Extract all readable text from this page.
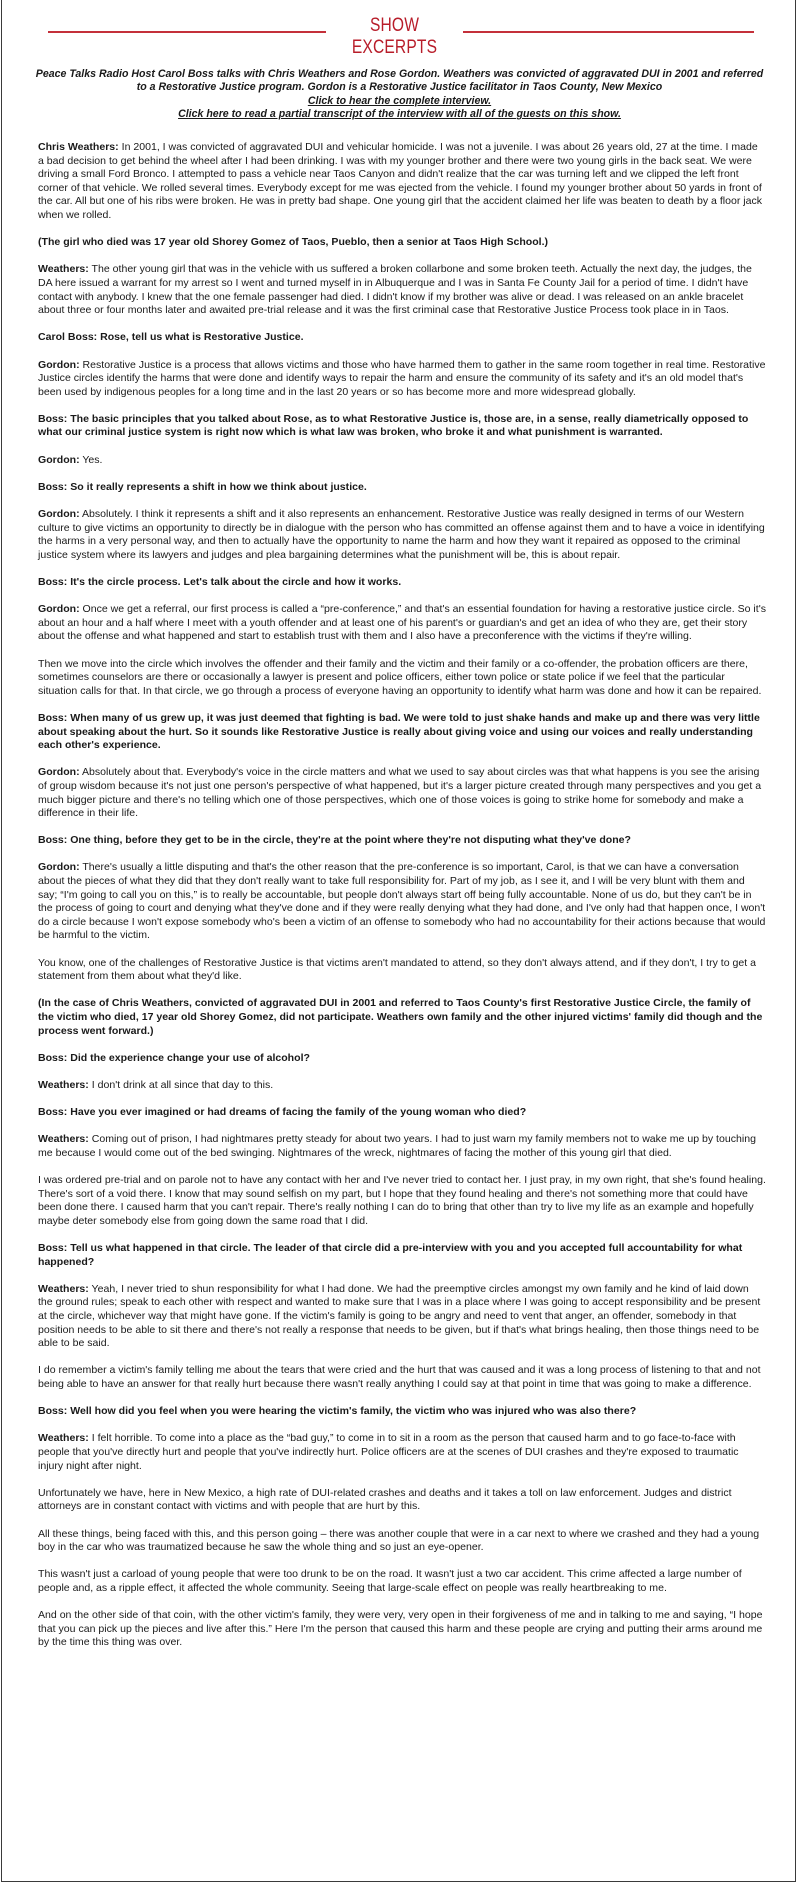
SHOW EXCERPTS
Peace Talks Radio Host Carol Boss talks with Chris Weathers and Rose Gordon. Weathers was convicted of aggravated DUI in 2001 and referred to a Restorative Justice program. Gordon is a Restorative Justice facilitator in Taos County, New Mexico
Click to hear the complete interview.
Click here to read a partial transcript of the interview with all of the guests on this show.

Chris Weathers: In 2001, I was convicted of aggravated DUI and vehicular homicide. I was not a juvenile. I was about 26 years old, 27 at the time. I made a bad decision to get behind the wheel after I had been drinking. I was with my younger brother and there were two young girls in the back seat. We were driving a small Ford Bronco. I attempted to pass a vehicle near Taos Canyon and didn't realize that the car was turning left and we clipped the left front corner of that vehicle. We rolled several times. Everybody except for me was ejected from the vehicle. I found my younger brother about 50 yards in front of the car. All but one of his ribs were broken. He was in pretty bad shape. One young girl that the accident claimed her life was beaten to death by a floor jack when we rolled.

(The girl who died was 17 year old Shorey Gomez of Taos, Pueblo, then a senior at Taos High School.)

Weathers: The other young girl that was in the vehicle with us suffered a broken collarbone and some broken teeth. Actually the next day, the judges, the DA here issued a warrant for my arrest so I went and turned myself in in Albuquerque and I was in Santa Fe County Jail for a period of time. I didn't have contact with anybody. I knew that the one female passenger had died. I didn't know if my brother was alive or dead. I was released on an ankle bracelet about three or four months later and awaited pre-trial release and it was the first criminal case that Restorative Justice Process took place in in Taos.

Carol Boss: Rose, tell us what is Restorative Justice.

Gordon: Restorative Justice is a process that allows victims and those who have harmed them to gather in the same room together in real time. Restorative Justice circles identify the harms that were done and identify ways to repair the harm and ensure the community of its safety and it's an old model that's been used by indigenous peoples for a long time and in the last 20 years or so has become more and more widespread globally.

Boss: The basic principles that you talked about Rose, as to what Restorative Justice is, those are, in a sense, really diametrically opposed to what our criminal justice system is right now which is what law was broken, who broke it and what punishment is warranted.

Gordon: Yes.

Boss: So it really represents a shift in how we think about justice.

Gordon: Absolutely. I think it represents a shift and it also represents an enhancement. Restorative Justice was really designed in terms of our Western culture to give victims an opportunity to directly be in dialogue with the person who has committed an offense against them and to have a voice in identifying the harms in a very personal way, and then to actually have the opportunity to name the harm and how they want it repaired as opposed to the criminal justice system where its lawyers and judges and plea bargaining determines what the punishment will be, this is about repair.

Boss: It's the circle process. Let's talk about the circle and how it works.

Gordon: Once we get a referral, our first process is called a “pre-conference,” and that's an essential foundation for having a restorative justice circle. So it's about an hour and a half where I meet with a youth offender and at least one of his parent's or guardian's and get an idea of who they are, get their story about the offense and what happened and start to establish trust with them and I also have a preconference with the victims if they're willing.

Then we move into the circle which involves the offender and their family and the victim and their family or a co-offender, the probation officers are there, sometimes counselors are there or occasionally a lawyer is present and police officers, either town police or state police if we feel that the particular situation calls for that. In that circle, we go through a process of everyone having an opportunity to identify what harm was done and how it can be repaired.

Boss: When many of us grew up, it was just deemed that fighting is bad. We were told to just shake hands and make up and there was very little about speaking about the hurt. So it sounds like Restorative Justice is really about giving voice and using our voices and really understanding each other's experience.

Gordon: Absolutely about that. Everybody's voice in the circle matters and what we used to say about circles was that what happens is you see the arising of group wisdom because it's not just one person's perspective of what happened, but it's a larger picture created through many perspectives and you get a much bigger picture and there's no telling which one of those perspectives, which one of those voices is going to strike home for somebody and make a difference in their life.

Boss: One thing, before they get to be in the circle, they're at the point where they're not disputing what they've done?

Gordon: There's usually a little disputing and that's the other reason that the pre-conference is so important, Carol, is that we can have a conversation about the pieces of what they did that they don't really want to take full responsibility for. Part of my job, as I see it, and I will be very blunt with them and say; “I'm going to call you on this,” is to really be accountable, but people don't always start off being fully accountable. None of us do, but they can't be in the process of going to court and denying what they've done and if they were really denying what they had done, and I've only had that happen once, I won't do a circle because I won't expose somebody who's been a victim of an offense to somebody who had no accountability for their actions because that would be harmful to the victim.

You know, one of the challenges of Restorative Justice is that victims aren't mandated to attend, so they don't always attend, and if they don't, I try to get a statement from them about what they'd like.

(In the case of Chris Weathers, convicted of aggravated DUI in 2001 and referred to Taos County's first Restorative Justice Circle, the family of the victim who died, 17 year old Shorey Gomez, did not participate. Weathers own family and the other injured victims' family did though and the process went forward.)

Boss: Did the experience change your use of alcohol?

Weathers: I don't drink at all since that day to this.

Boss: Have you ever imagined or had dreams of facing the family of the young woman who died?

Weathers: Coming out of prison, I had nightmares pretty steady for about two years. I had to just warn my family members not to wake me up by touching me because I would come out of the bed swinging. Nightmares of the wreck, nightmares of facing the mother of this young girl that died.

I was ordered pre-trial and on parole not to have any contact with her and I've never tried to contact her. I just pray, in my own right, that she's found healing. There's sort of a void there. I know that may sound selfish on my part, but I hope that they found healing and there's not something more that could have been done there. I caused harm that you can't repair. There's really nothing I can do to bring that other than try to live my life as an example and hopefully maybe deter somebody else from going down the same road that I did.

Boss: Tell us what happened in that circle. The leader of that circle did a pre-interview with you and you accepted full accountability for what happened?

Weathers: Yeah, I never tried to shun responsibility for what I had done. We had the preemptive circles amongst my own family and he kind of laid down the ground rules; speak to each other with respect and wanted to make sure that I was in a place where I was going to accept responsibility and be present at the circle, whichever way that might have gone. If the victim's family is going to be angry and need to vent that anger, an offender, somebody in that position needs to be able to sit there and there's not really a response that needs to be given, but if that's what brings healing, then those things need to be able to be said.

I do remember a victim's family telling me about the tears that were cried and the hurt that was caused and it was a long process of listening to that and not being able to have an answer for that really hurt because there wasn't really anything I could say at that point in time that was going to make a difference.

Boss: Well how did you feel when you were hearing the victim's family, the victim who was injured who was also there?

Weathers: I felt horrible. To come into a place as the “bad guy,” to come in to sit in a room as the person that caused harm and to go face-to-face with people that you've directly hurt and people that you've indirectly hurt. Police officers are at the scenes of DUI crashes and they're exposed to traumatic injury night after night.

Unfortunately we have, here in New Mexico, a high rate of DUI-related crashes and deaths and it takes a toll on law enforcement. Judges and district attorneys are in constant contact with victims and with people that are hurt by this.

All these things, being faced with this, and this person going – there was another couple that were in a car next to where we crashed and they had a young boy in the car who was traumatized because he saw the whole thing and so just an eye-opener.

This wasn't just a carload of young people that were too drunk to be on the road. It wasn't just a two car accident. This crime affected a large number of people and, as a ripple effect, it affected the whole community. Seeing that large-scale effect on people was really heartbreaking to me.

And on the other side of that coin, with the other victim's family, they were very, very open in their forgiveness of me and in talking to me and saying, “I hope that you can pick up the pieces and live after this.” Here I'm the person that caused this harm and these people are crying and putting their arms around me by the time this thing was over.
